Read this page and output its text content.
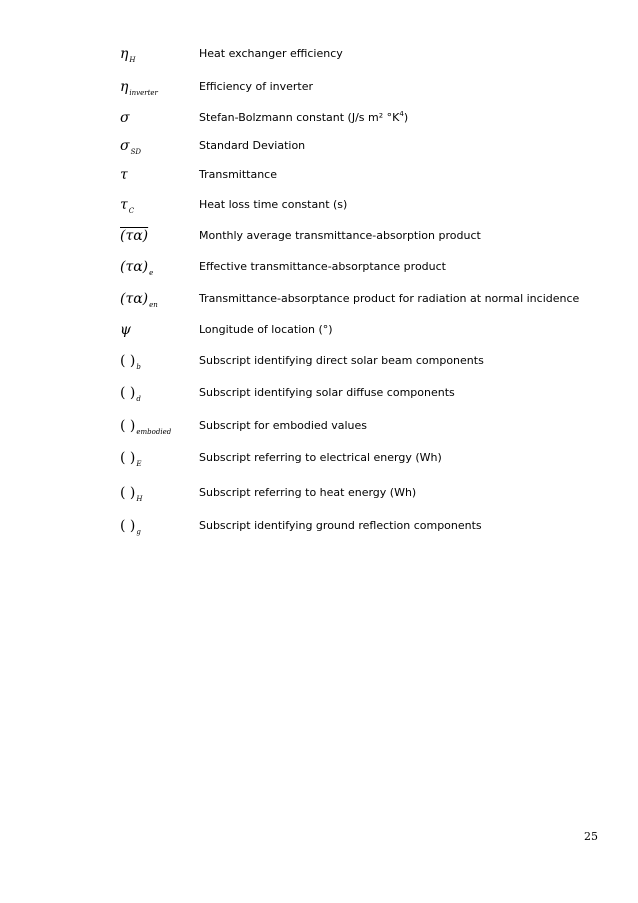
$\eta_H$	Heat exchanger efficiency
$\eta_{inverter}$	Efficiency of inverter
σ	Stefan-Bolzmann constant (J/s m² $^\circ K^4$)
$\sigma_{SD}$	Standard Deviation
τ	Transmittance
$\tau_C$	Heat loss time constant (s)
(τα)	Monthly average transmittance-absorption product
$(\tau\alpha)_e$	Effective transmittance-absorptance product
$(\tau\alpha)_{en}$	Transmittance-absorptance product for radiation at normal incidence
ψ	Longitude of location (°)
( )$_b$	Subscript identifying direct solar beam components
( )$_d$	Subscript identifying solar diffuse components
( )$_{embodied}$	Subscript for embodied values
( )$_E$	Subscript referring to electrical energy (Wh)
( )$_H$	Subscript referring to heat energy (Wh)
( )$_g$	Subscript identifying ground reflection components
25
